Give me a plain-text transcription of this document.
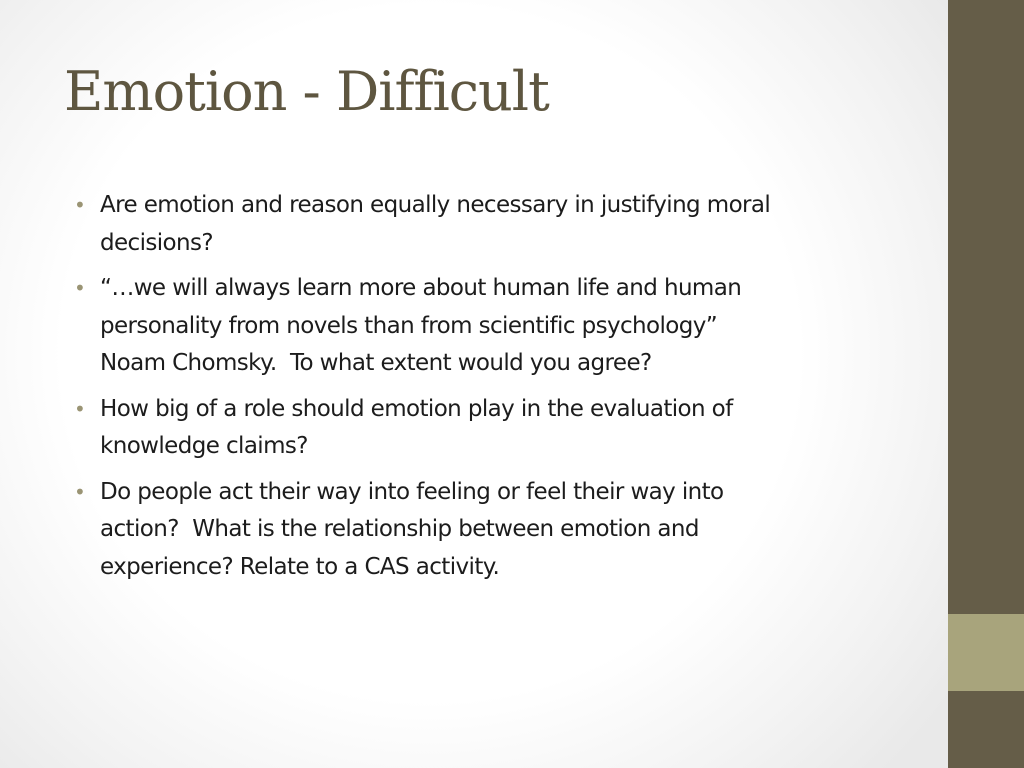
Emotion - Difficult
• Are emotion and reason equally necessary in justifying moral
decisions?
• “…we will always learn more about human life and human
personality from novels than from scientific psychology”
Noam Chomsky.  To what extent would you agree?
• How big of a role should emotion play in the evaluation of
knowledge claims?
• Do people act their way into feeling or feel their way into
action?  What is the relationship between emotion and
experience? Relate to a CAS activity.
